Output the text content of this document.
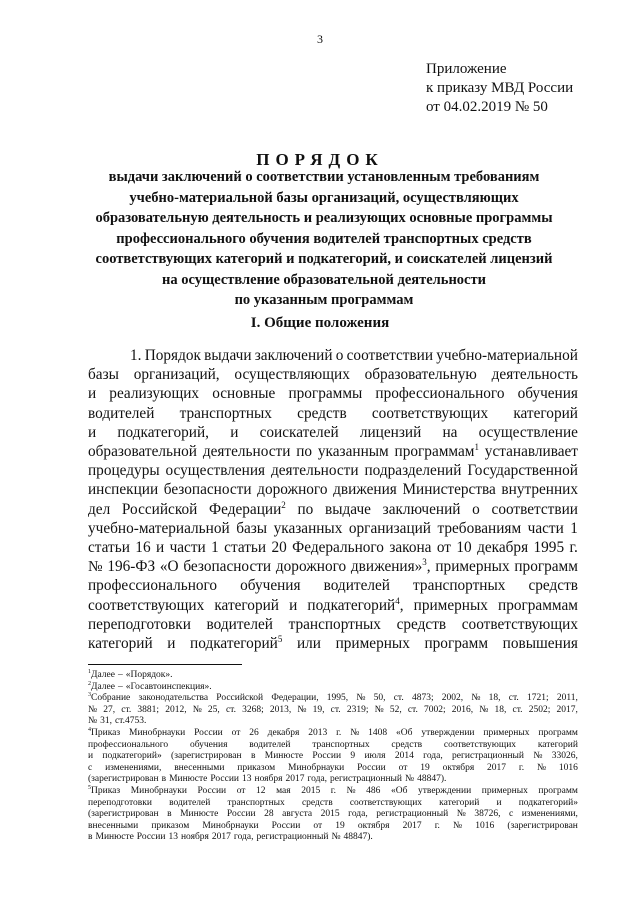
3
Приложение
к приказу МВД России
от 04.02.2019 № 50
ПОРЯДОК
выдачи заключений о соответствии установленным требованиям
учебно-материальной базы организаций, осуществляющих
образовательную деятельность и реализующих основные программы
профессионального обучения водителей транспортных средств
соответствующих категорий и подкатегорий, и соискателей лицензий
на осуществление образовательной деятельности
по указанным программам
I. Общие положения
1. Порядок выдачи заключений о соответствии учебно-материальной
базы организаций, осуществляющих образовательную деятельность
и реализующих основные программы профессионального обучения
водителей транспортных средств соответствующих категорий
и подкатегорий, и соискателей лицензий на осуществление
образовательной деятельности по указанным программам$^1$ устанавливает
процедуры осуществления деятельности подразделений Государственной
инспекции безопасности дорожного движения Министерства внутренних
дел Российской Федерации$^2$ по выдаче заключений о соответствии
учебно-материальной базы указанных организаций требованиям части 1
статьи 16 и части 1 статьи 20 Федерального закона от 10 декабря 1995 г.
№ 196-ФЗ «О безопасности дорожного движения»$^3$, примерных программ
профессионального обучения водителей транспортных средств
соответствующих категорий и подкатегорий$^4$, примерных программам
переподготовки водителей транспортных средств соответствующих
категорий и подкатегорий$^5$ или примерных программ повышения
$^1$Далее – «Порядок».
$^2$Далее – «Госавтоинспекция».
$^3$Собрание законодательства Российской Федерации, 1995, № 50, ст. 4873; 2002, № 18, ст. 1721; 2011,
№ 27, ст. 3881; 2012, № 25, ст. 3268; 2013, № 19, ст. 2319; № 52, ст. 7002; 2016, № 18, ст. 2502; 2017,
№ 31, ст.4753.
$^4$Приказ Минобрнауки России от 26 декабря 2013 г. № 1408 «Об утверждении примерных программ
профессионального обучения водителей транспортных средств соответствующих категорий
и подкатегорий» (зарегистрирован в Минюсте России 9 июля 2014 года, регистрационный № 33026,
с изменениями, внесенными приказом Минобрнауки России от 19 октября 2017 г. № 1016
(зарегистрирован в Минюсте России 13 ноября 2017 года, регистрационный № 48847).
$^5$Приказ Минобрнауки России от 12 мая 2015 г. № 486 «Об утверждении примерных программ
переподготовки водителей транспортных средств соответствующих категорий и подкатегорий»
(зарегистрирован в Минюсте России 28 августа 2015 года, регистрационный № 38726, с изменениями,
внесенными приказом Минобрнауки России от 19 октября 2017 г. № 1016 (зарегистрирован
в Минюсте России 13 ноября 2017 года, регистрационный № 48847).
